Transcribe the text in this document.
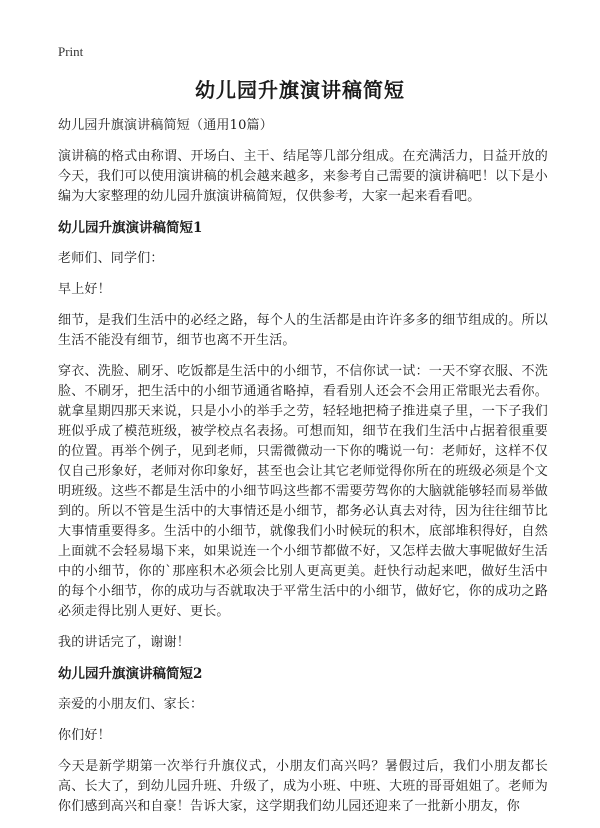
Print
幼儿园升旗演讲稿简短

幼儿园升旗演讲稿简短（通用10篇）

演讲稿的格式由称谓、开场白、主干、结尾等几部分组成。在充满活力，日益开放的今天，我们可以使用演讲稿的机会越来越多，来参考自己需要的演讲稿吧！以下是小编为大家整理的幼儿园升旗演讲稿简短，仅供参考，大家一起来看看吧。

幼儿园升旗演讲稿简短1

老师们、同学们：

早上好！

细节，是我们生活中的必经之路，每个人的生活都是由许许多多的细节组成的。所以生活不能没有细节，细节也离不开生活。

穿衣、洗脸、刷牙、吃饭都是生活中的小细节，不信你试一试：一天不穿衣服、不洗脸、不刷牙，把生活中的小细节通通省略掉，看看别人还会不会用正常眼光去看你。就拿星期四那天来说，只是小小的举手之劳，轻轻地把椅子推进桌子里，一下子我们班似乎成了模范班级，被学校点名表扬。可想而知，细节在我们生活中占据着很重要的位置。再举个例子，见到老师，只需微微动一下你的嘴说一句：老师好，这样不仅仅自己形象好，老师对你印象好，甚至也会让其它老师觉得你所在的班级必须是个文明班级。这些不都是生活中的小细节吗这些都不需要劳驾你的大脑就能够轻而易举做到的。所以不管是生活中的大事情还是小细节，都务必认真去对待，因为往往细节比大事情重要得多。生活中的小细节，就像我们小时候玩的积木，底部堆积得好，自然上面就不会轻易塌下来，如果说连一个小细节都做不好，又怎样去做大事呢做好生活中的小细节，你的`那座积木必须会比别人更高更美。赶快行动起来吧，做好生活中的每个小细节，你的成功与否就取决于平常生活中的小细节，做好它，你的成功之路必须走得比别人更好、更长。

我的讲话完了，谢谢！

幼儿园升旗演讲稿简短2

亲爱的小朋友们、家长：

你们好！

今天是新学期第一次举行升旗仪式，小朋友们高兴吗？暑假过后，我们小朋友都长高、长大了，到幼儿园升班、升级了，成为小班、中班、大班的哥哥姐姐了。老师为你们感到高兴和自豪！告诉大家，这学期我们幼儿园还迎来了一批新小朋友，你
